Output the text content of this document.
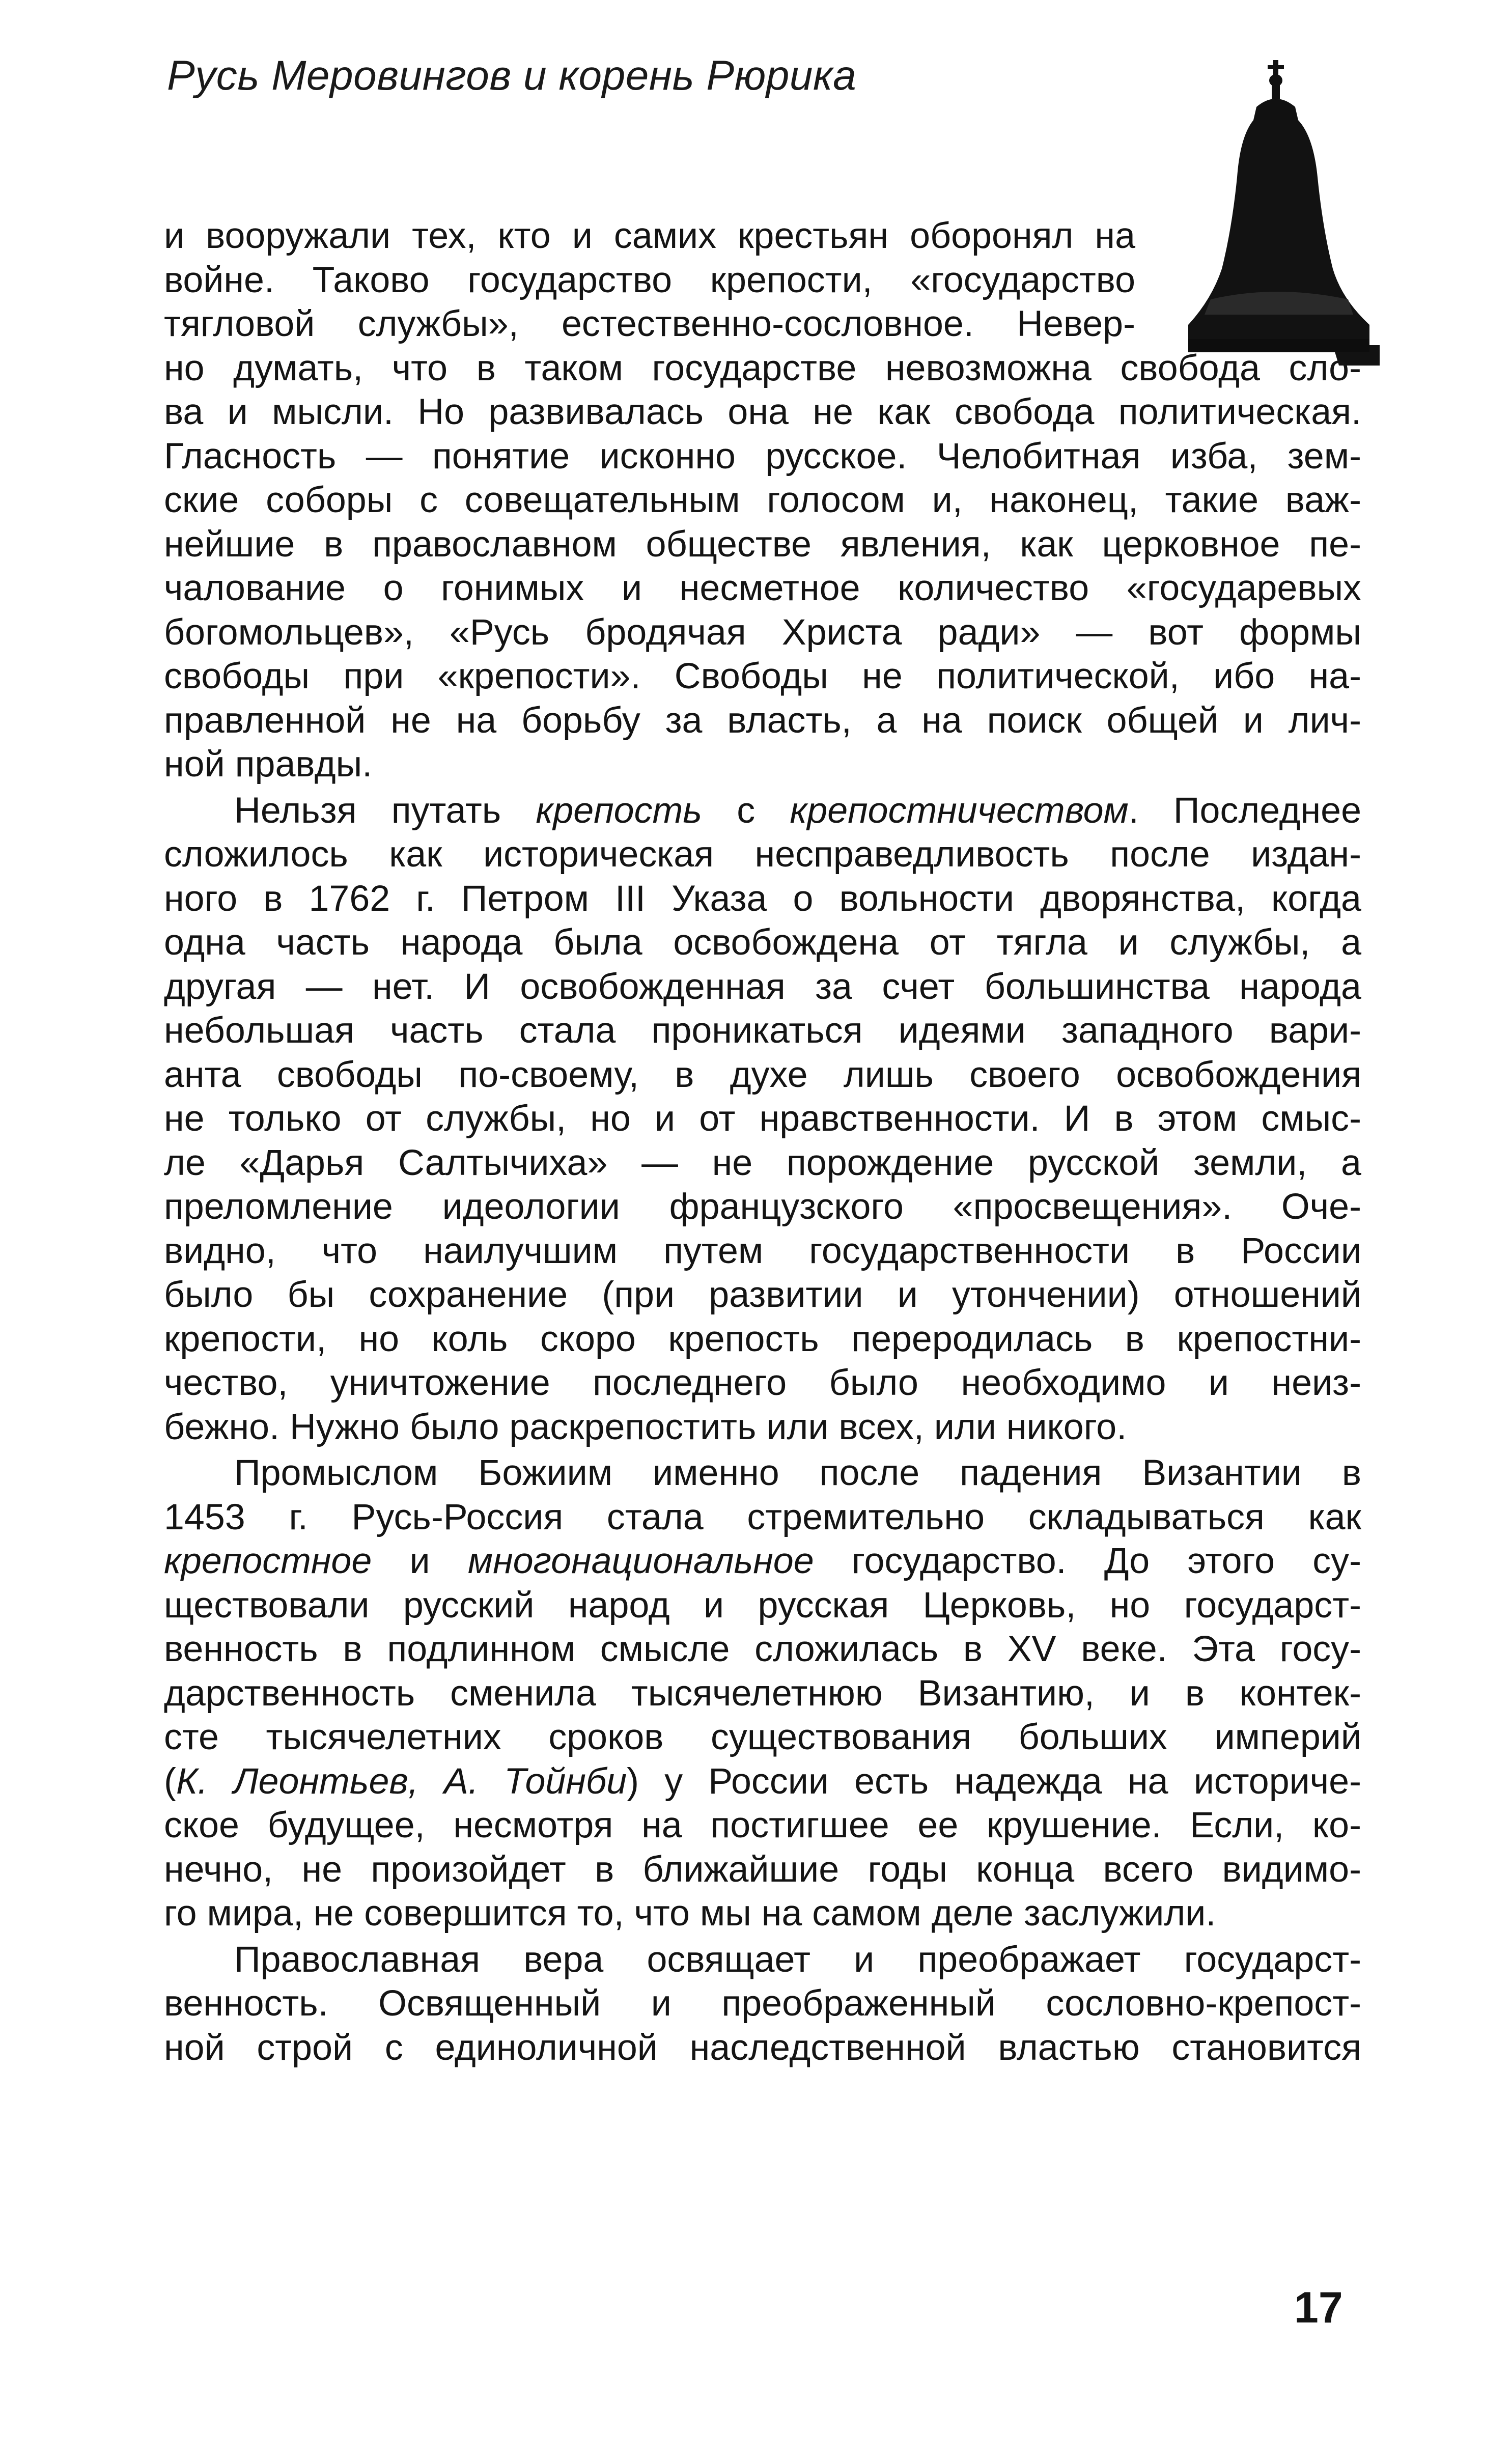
Русь Меровингов и корень Рюрика
и вооружали тех, кто и самих крестьян оборонял на
войне. Таково государство крепости, «государство
тягловой службы», естественно-сословное. Невер-
но думать, что в таком государстве невозможна свобода сло-
ва и мысли. Но развивалась она не как свобода политическая.
Гласность — понятие исконно русское. Челобитная изба, зем-
ские соборы с совещательным голосом и, наконец, такие важ-
нейшие в православном обществе явления, как церковное пе-
чалование о гонимых и несметное количество «государевых
богомольцев», «Русь бродячая Христа ради» — вот формы
свободы при «крепости». Свободы не политической, ибо на-
правленной не на борьбу за власть, а на поиск общей и лич-
ной правды.
Нельзя путать крепость с крепостничеством. Последнее
сложилось как историческая несправедливость после издан-
ного в 1762 г. Петром III Указа о вольности дворянства, когда
одна часть народа была освобождена от тягла и службы, а
другая — нет. И освобожденная за счет большинства народа
небольшая часть стала проникаться идеями западного вари-
анта свободы по-своему, в духе лишь своего освобождения
не только от службы, но и от нравственности. И в этом смыс-
ле «Дарья Салтычиха» — не порождение русской земли, а
преломление идеологии французского «просвещения». Оче-
видно, что наилучшим путем государственности в России
было бы сохранение (при развитии и утончении) отношений
крепости, но коль скоро крепость переродилась в крепостни-
чество, уничтожение последнего было необходимо и неиз-
бежно. Нужно было раскрепостить или всех, или никого.
Промыслом Божиим именно после падения Византии в
1453 г. Русь-Россия стала стремительно складываться как
крепостное и многонациональное государство. До этого су-
ществовали русский народ и русская Церковь, но государст-
венность в подлинном смысле сложилась в XV веке. Эта госу-
дарственность сменила тысячелетнюю Византию, и в контек-
сте тысячелетних сроков существования больших империй
(К. Леонтьев, А. Тойнби) у России есть надежда на историче-
ское будущее, несмотря на постигшее ее крушение. Если, ко-
нечно, не произойдет в ближайшие годы конца всего видимо-
го мира, не совершится то, что мы на самом деле заслужили.
Православная вера освящает и преображает государст-
венность. Освященный и преображенный сословно-крепост-
ной строй с единоличной наследственной властью становится
17
